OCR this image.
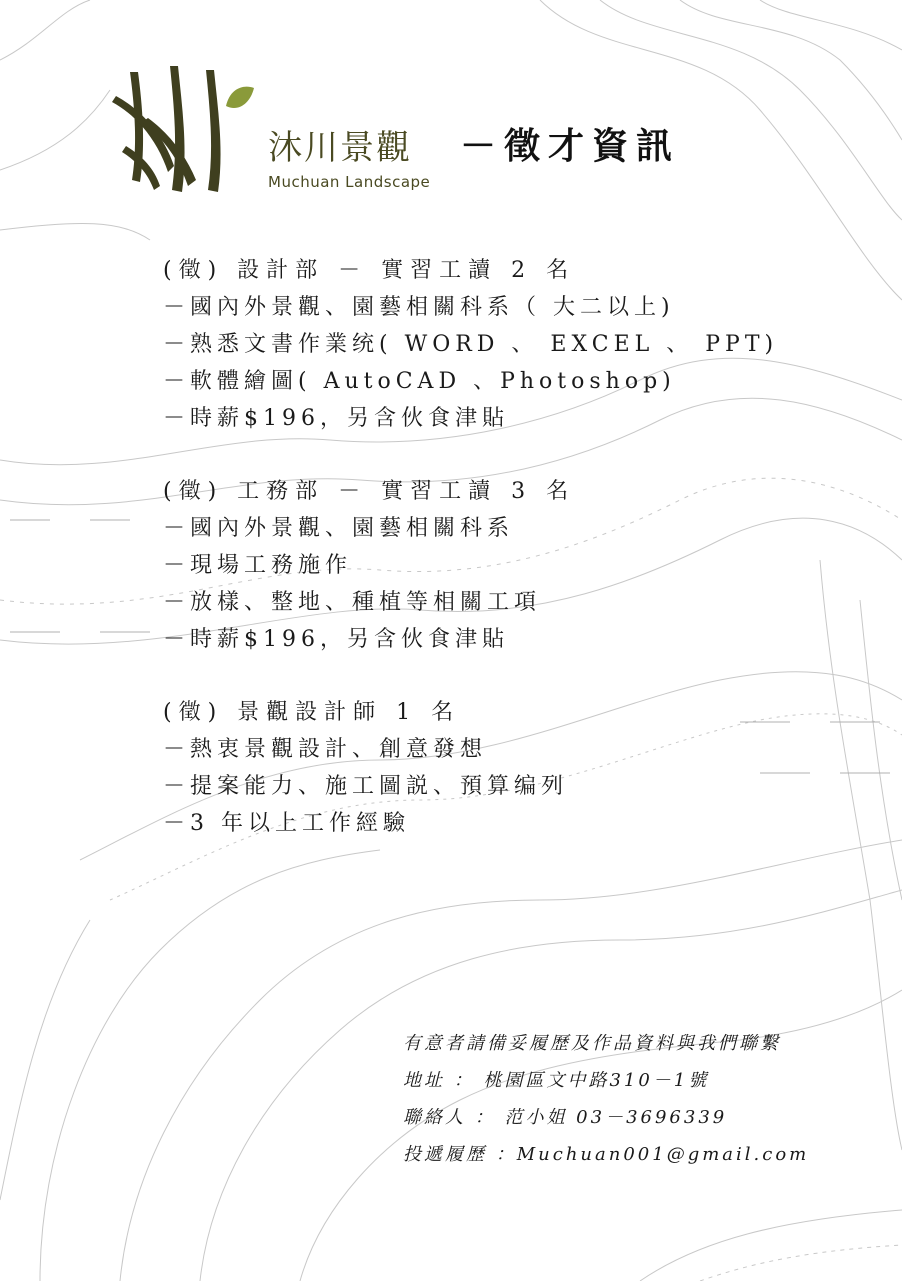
沐川景觀
Muchuan Landscape
－徵才資訊
(徵) 設計部 － 實習工讀 2 名
－國內外景觀、園藝相關科系（ 大二以上)
－熟悉文書作業统( WORD 、 EXCEL 、 PPT)
－軟體繪圖( AutoCAD 、Photoshop)
－時薪$196，另含伙食津貼
(徵) 工務部 － 實習工讀 3 名
－國內外景觀、園藝相關科系
－現場工務施作
－放樣、整地、種植等相關工項
－時薪$196，另含伙食津貼
(徵) 景觀設計師 1 名
－熱衷景觀設計、創意發想
－提案能力、施工圖説、預算编列
－3 年以上工作經驗
有意者請備妥履歷及作品資料與我們聯繫
地址 ： 桃園區文中路310－1號
聯絡人 ： 范小姐 03－3696339
投遞履歷 ：Muchuan001@gmail.com
